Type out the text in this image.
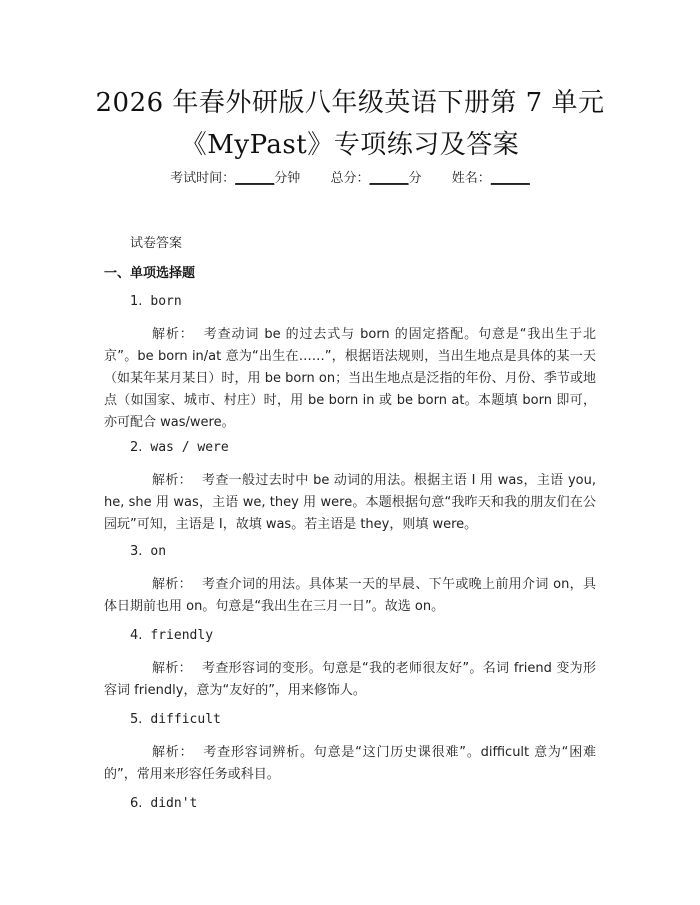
2026 年春外研版八年级英语下册第 7 单元
《MyPast》专项练习及答案
考试时间：______分钟 总分：______分 姓名：______
试卷答案
一、单项选择题
1. born
解析： 考查动词 be 的过去式与 born 的固定搭配。句意是“我出生于北京”。be born in/at 意为“出生在……”，根据语法规则，当出生地点是具体的某一天（如某年某月某日）时，用 be born on；当出生地点是泛指的年份、月份、季节或地点（如国家、城市、村庄）时，用 be born in 或 be born at。本题填 born 即可，亦可配合 was/were。
2. was / were
解析： 考查一般过去时中 be 动词的用法。根据主语 I 用 was，主语 you, he, she 用 was，主语 we, they 用 were。本题根据句意“我昨天和我的朋友们在公园玩”可知，主语是 I，故填 was。若主语是 they，则填 were。
3. on
解析： 考查介词的用法。具体某一天的早晨、下午或晚上前用介词 on，具体日期前也用 on。句意是“我出生在三月一日”。故选 on。
4. friendly
解析： 考查形容词的变形。句意是“我的老师很友好”。名词 friend 变为形容词 friendly，意为“友好的”，用来修饰人。
5. difficult
解析： 考查形容词辨析。句意是“这门历史课很难”。difficult 意为“困难的”，常用来形容任务或科目。
6. didn't
